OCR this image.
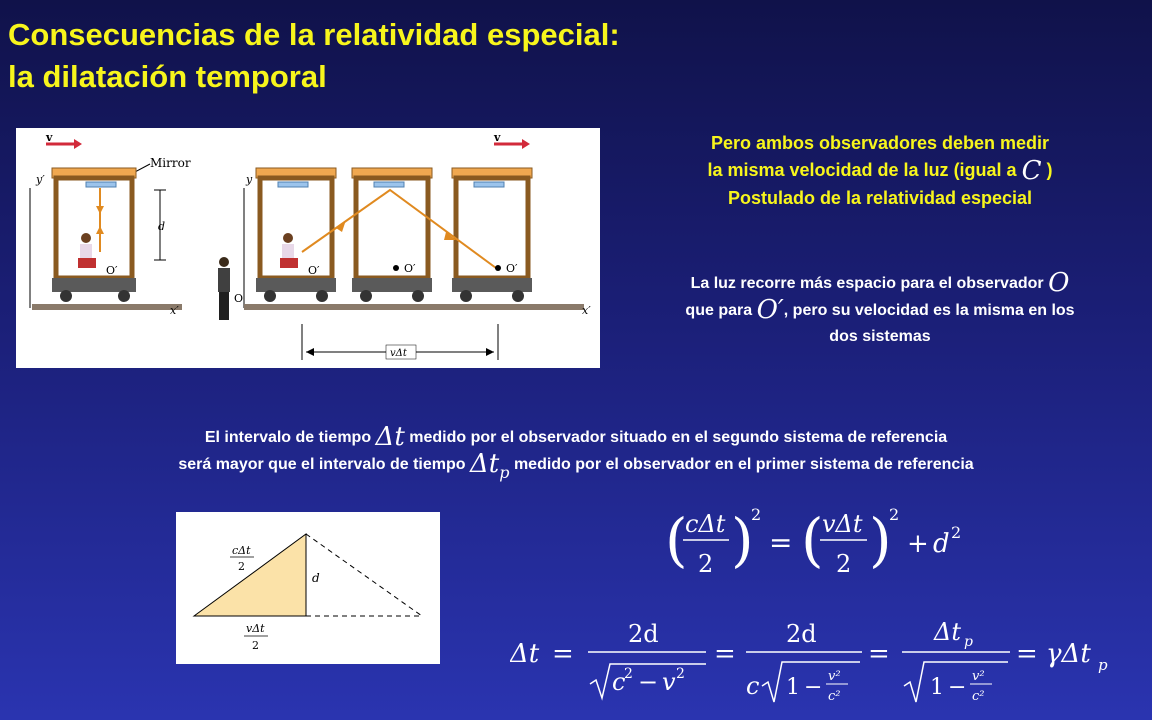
Consecuencias de la relatividad especial:
la dilatación temporal
v
Mirror
y′
O′
d
x′
y
O
v
O′	O′	O′
x′
vΔt
Pero ambos observadores deben medir
la misma velocidad de la luz (igual a C )
Postulado de la relatividad especial
La luz recorre más espacio para el observador O
que para O′, pero su velocidad es la misma en los
dos sistemas
El intervalo de tiempo Δt medido por el observador situado en el segundo sistema de referencia
será mayor que el intervalo de tiempo $\Delta t_p$ medido por el observador en el primer sistema de referencia
cΔt
2
d
vΔt
2
(
cΔt
2 )
2
= (
vΔt
2 )
2
+ d 2
Δt =
2d
c
2 − v 2
=
2d
c 1 − v²
c²
=
Δt p
1 − v²
c²
= γΔt p
